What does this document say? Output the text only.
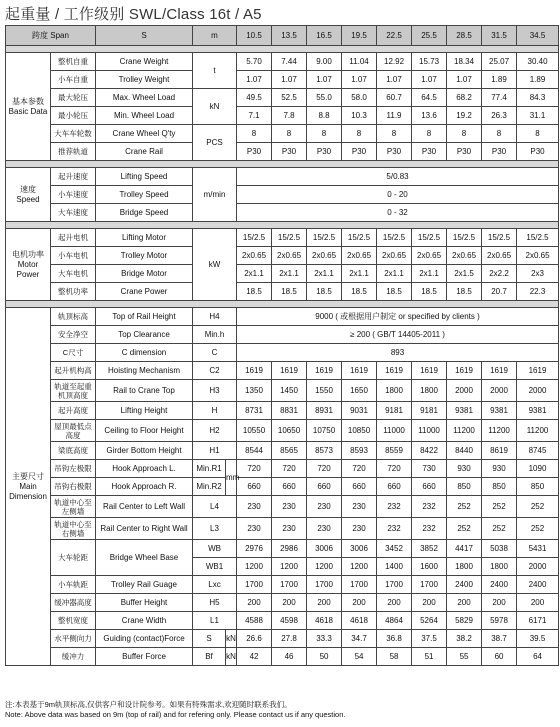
起重量 / 工作级别 SWL/Class 16t / A5
跨度 Span		S	m		10.5	13.5	16.5	19.5	22.5	25.5	28.5	31.5	34.5

基本参数
Basic Data	整机自重	Crane Weight	t		5.70	7.44	9.00	11.04	12.92	15.73	18.34	25.07	30.40
	小车自重	Trolley Weight			1.07	1.07	1.07	1.07	1.07	1.07	1.07	1.89	1.89
	最大轮压	Max. Wheel Load	kN		49.5	52.5	55.0	58.0	60.7	64.5	68.2	77.4	84.3
	最小轮压	Min. Wheel Load			7.1	7.8	8.8	10.3	11.9	13.6	19.2	26.3	31.1
	大车车轮数	Crane Wheel Q'ty	PCS		8	8	8	8	8	8	8	8	8
	推荐轨道	Crane Rail			P30	P30	P30	P30	P30	P30	P30	P30	P30

速度
Speed	起升速度	Lifting Speed	m/min		5/0.83								
	小车速度	Trolley Speed			0 - 20								
	大车速度	Bridge Speed			0 - 32								

电机功率
Motor
Power	起升电机	Lifting Motor	kW		15/2.5	15/2.5	15/2.5	15/2.5	15/2.5	15/2.5	15/2.5	15/2.5	15/2.5
	小车电机	Trolley Motor			2x0.65	2x0.65	2x0.65	2x0.65	2x0.65	2x0.65	2x0.65	2x0.65	2x0.65
	大车电机	Bridge Motor			2x1.1	2x1.1	2x1.1	2x1.1	2x1.1	2x1.1	2x1.5	2x2.2	2x3
	整机功率	Crane Power			18.5	18.5	18.5	18.5	18.5	18.5	18.5	20.7	22.3

主要尺寸
Main
Dimension	轨顶标高	Top of Rail Height	H4		9000 ( 或根据用户制定 or specified by clients )								
	安全净空	Top Clearance	Min.h		≥ 200 ( GB/T 14405-2011 )								
	C尺寸	C dimension	C		893								
	起升机构高	Hoisting Mechanism	C2		1619	1619	1619	1619	1619	1619	1619	1619	1619
	轨道至起重机顶高度	Rail to Crane Top	H3		1350	1450	1550	1650	1800	1800	2000	2000	2000
	起升高度	Lifting Height	H		8731	8831	8931	9031	9181	9181	9381	9381	9381
	屋顶最低点高度	Ceiling to Floor Height	H2		10550	10650	10750	10850	11000	11000	11200	11200	11200
	梁底高度	Girder Bottom Height	H1		8544	8565	8573	8593	8559	8422	8440	8619	8745
	吊钩左极限	Hook Approach L.	Min.R1	mm	720	720	720	720	720	730	930	930	1090
	吊钩右极限	Hook Approach R.	Min.R2		660	660	660	660	660	660	850	850	850
	轨道中心至左侧墙	Rail Center to Left Wall	L4		230	230	230	230	232	232	252	252	252
	轨道中心至右侧墙	Rail Center to Right Wall	L3		230	230	230	230	232	232	252	252	252
	大车轮距	Bridge Wheel Base	WB		2976	2986	3006	3006	3452	3852	4417	5038	5431
			WB1		1200	1200	1200	1200	1400	1600	1800	1800	2000
	小车轨距	Trolley Rail Guage	Lxc		1700	1700	1700	1700	1700	1700	2400	2400	2400
	缓冲器高度	Buffer Height	H5		200	200	200	200	200	200	200	200	200
	整机宽度	Crane Width	L1		4588	4598	4618	4618	4864	5264	5829	5978	6171
	水平侧向力	Guiding (contact)Force	S	kN	26.6	27.8	33.3	34.7	36.8	37.5	38.2	38.7	39.5
	缓冲力	Buffer Force	Bf	kN	42	46	50	54	58	51	55	60	64
注:本表基于9m轨顶标高,仅供客户和设计院参考。如果有特殊需求,欢迎随时联系我们。
Note: Above data was based on 9m (top of rail) and for refering only. Please contact us if any question.
